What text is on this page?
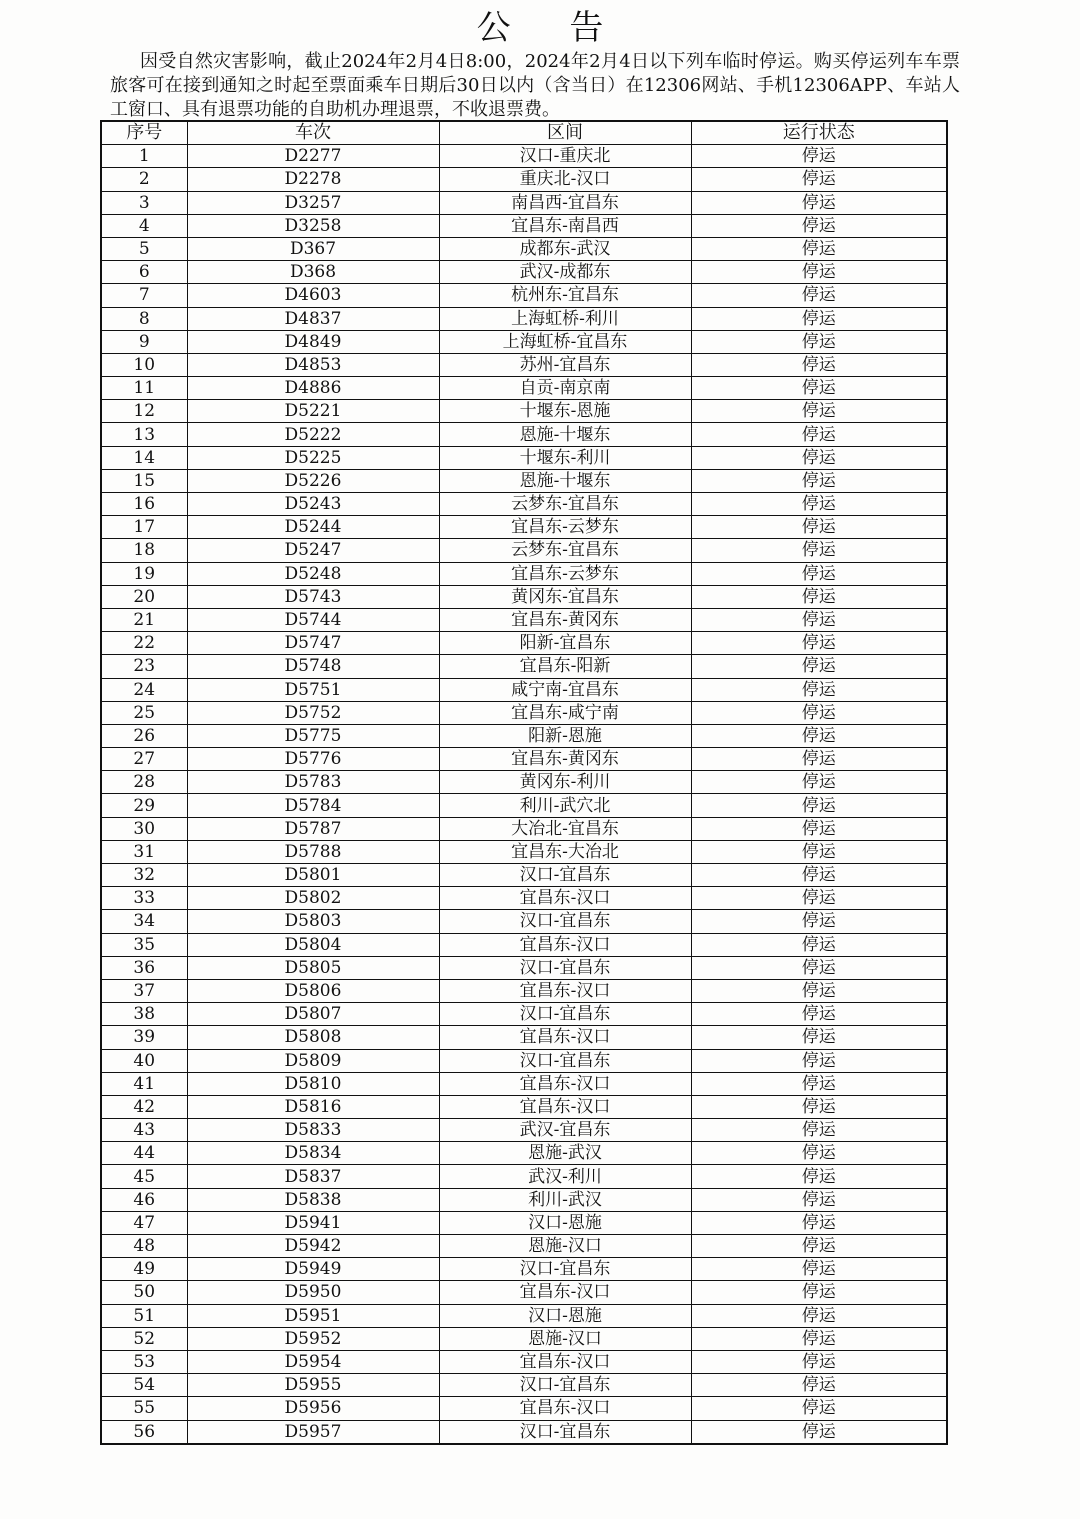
公 告

因受自然灾害影响，截止2024年2月4日8:00，2024年2月4日以下列车临时停运。购买停运列车车票旅客可在接到通知之时起至票面乘车日期后30日以内（含当日）在12306网站、手机12306APP、车站人工窗口、具有退票功能的自助机办理退票，不收退票费。

序号	车次	区间	运行状态
1	D2277	汉口-重庆北	停运
2	D2278	重庆北-汉口	停运
3	D3257	南昌西-宜昌东	停运
4	D3258	宜昌东-南昌西	停运
5	D367	成都东-武汉	停运
6	D368	武汉-成都东	停运
7	D4603	杭州东-宜昌东	停运
8	D4837	上海虹桥-利川	停运
9	D4849	上海虹桥-宜昌东	停运
10	D4853	苏州-宜昌东	停运
11	D4886	自贡-南京南	停运
12	D5221	十堰东-恩施	停运
13	D5222	恩施-十堰东	停运
14	D5225	十堰东-利川	停运
15	D5226	恩施-十堰东	停运
16	D5243	云梦东-宜昌东	停运
17	D5244	宜昌东-云梦东	停运
18	D5247	云梦东-宜昌东	停运
19	D5248	宜昌东-云梦东	停运
20	D5743	黄冈东-宜昌东	停运
21	D5744	宜昌东-黄冈东	停运
22	D5747	阳新-宜昌东	停运
23	D5748	宜昌东-阳新	停运
24	D5751	咸宁南-宜昌东	停运
25	D5752	宜昌东-咸宁南	停运
26	D5775	阳新-恩施	停运
27	D5776	宜昌东-黄冈东	停运
28	D5783	黄冈东-利川	停运
29	D5784	利川-武穴北	停运
30	D5787	大冶北-宜昌东	停运
31	D5788	宜昌东-大冶北	停运
32	D5801	汉口-宜昌东	停运
33	D5802	宜昌东-汉口	停运
34	D5803	汉口-宜昌东	停运
35	D5804	宜昌东-汉口	停运
36	D5805	汉口-宜昌东	停运
37	D5806	宜昌东-汉口	停运
38	D5807	汉口-宜昌东	停运
39	D5808	宜昌东-汉口	停运
40	D5809	汉口-宜昌东	停运
41	D5810	宜昌东-汉口	停运
42	D5816	宜昌东-汉口	停运
43	D5833	武汉-宜昌东	停运
44	D5834	恩施-武汉	停运
45	D5837	武汉-利川	停运
46	D5838	利川-武汉	停运
47	D5941	汉口-恩施	停运
48	D5942	恩施-汉口	停运
49	D5949	汉口-宜昌东	停运
50	D5950	宜昌东-汉口	停运
51	D5951	汉口-恩施	停运
52	D5952	恩施-汉口	停运
53	D5954	宜昌东-汉口	停运
54	D5955	汉口-宜昌东	停运
55	D5956	宜昌东-汉口	停运
56	D5957	汉口-宜昌东	停运
